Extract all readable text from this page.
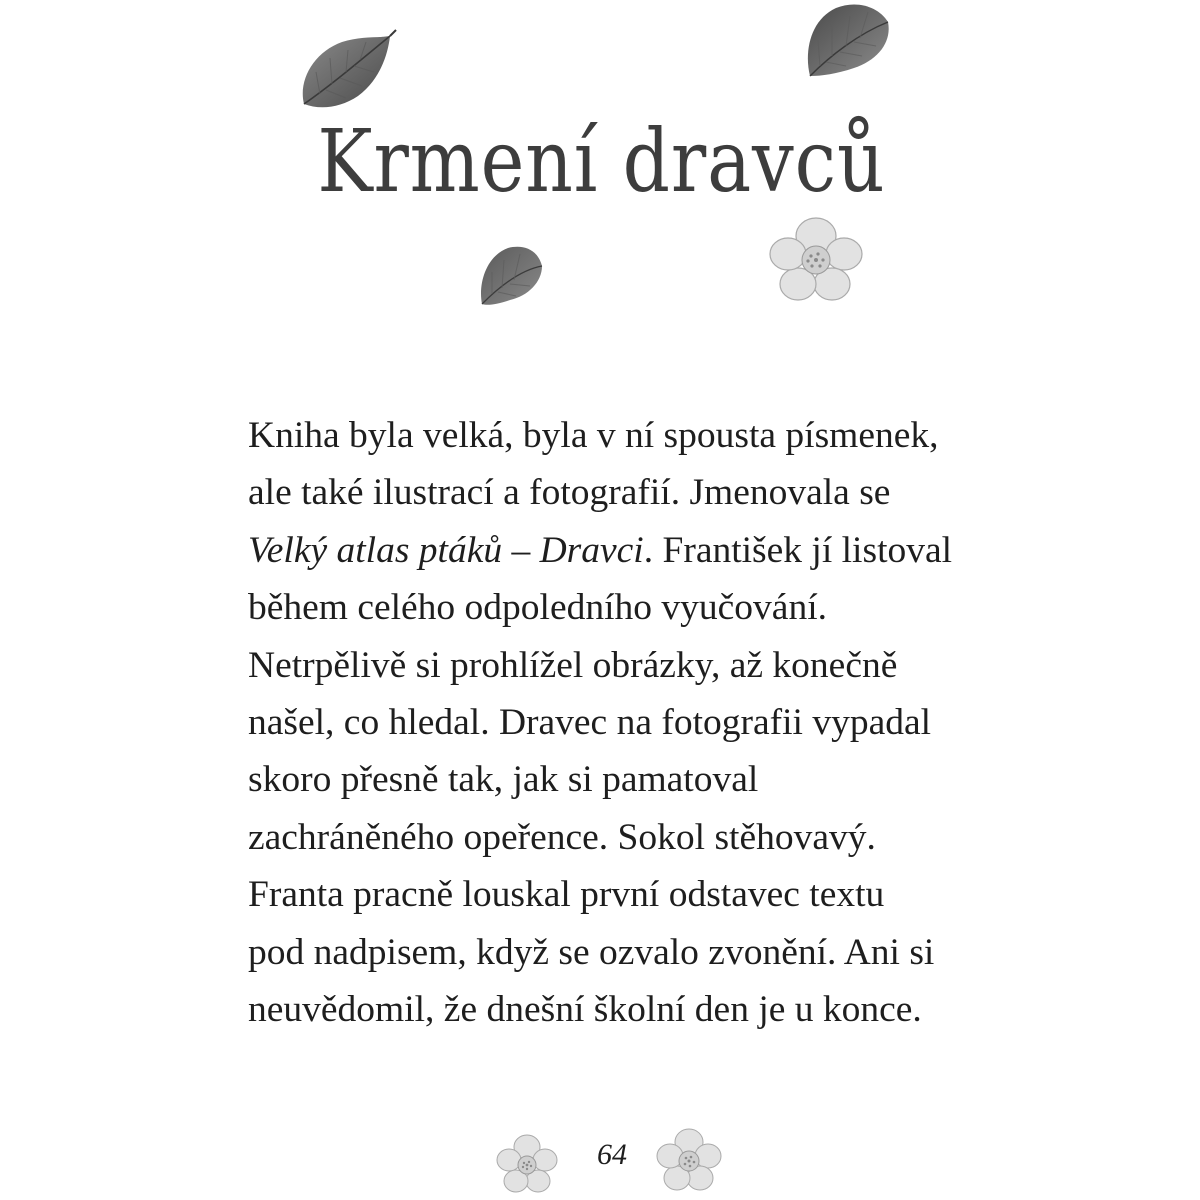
Krmení dravců

Kniha byla velká, byla v ní spousta písmenek,
ale také ilustrací a fotografií. Jmenovala se
Velký atlas ptáků – Dravci. František jí listoval
během celého odpoledního vyučování.
Netrpělivě si prohlížel obrázky, až konečně
našel, co hledal. Dravec na fotografii vypadal
skoro přesně tak, jak si pamatoval
zachráněného opeřence. Sokol stěhovavý.
Franta pracně louskal první odstavec textu
pod nadpisem, když se ozvalo zvonění. Ani si
neuvědomil, že dnešní školní den je u konce.

64
